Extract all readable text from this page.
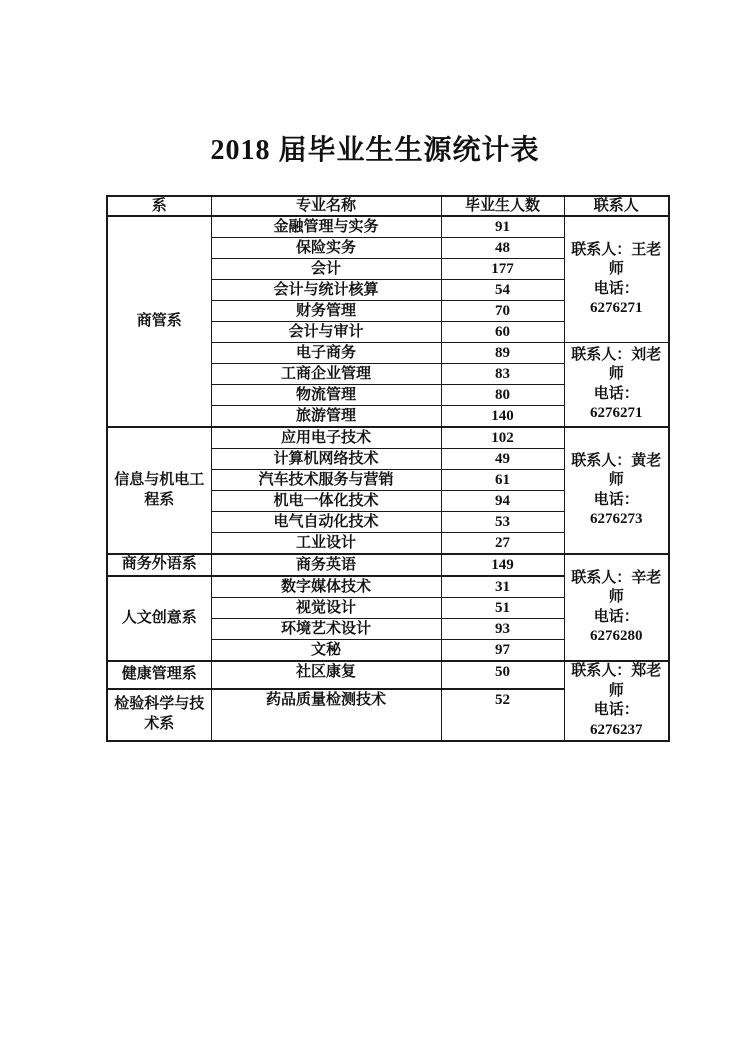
2018 届毕业生生源统计表
系	专业名称	毕业生人数	联系人

商管系	金融管理与实务	91	联系人：王老师
电话：
6276271

	保险实务	48	
	会计	177	
	会计与统计核算	54	
	财务管理	70	
	会计与审计	60	
	电子商务	89	联系人：刘老师
电话：
6276271

	工商企业管理	83	
	物流管理	80	
	旅游管理	140	

信息与机电工程系	应用电子技术	102	联系人：黄老师
电话：
6276273

	计算机网络技术	49	
	汽车技术服务与营销	61	
	机电一体化技术	94	
	电气自动化技术	53	
	工业设计	27	

商务外语系	商务英语	149	联系人：辛老师
电话：
6276280

人文创意系	数字媒体技术	31	
	视觉设计	51	
	环境艺术设计	93	
	文秘	97	

健康管理系	社区康复	50	联系人：郑老师
电话：
6276237

检验科学与技术系	药品质量检测技术	52	
